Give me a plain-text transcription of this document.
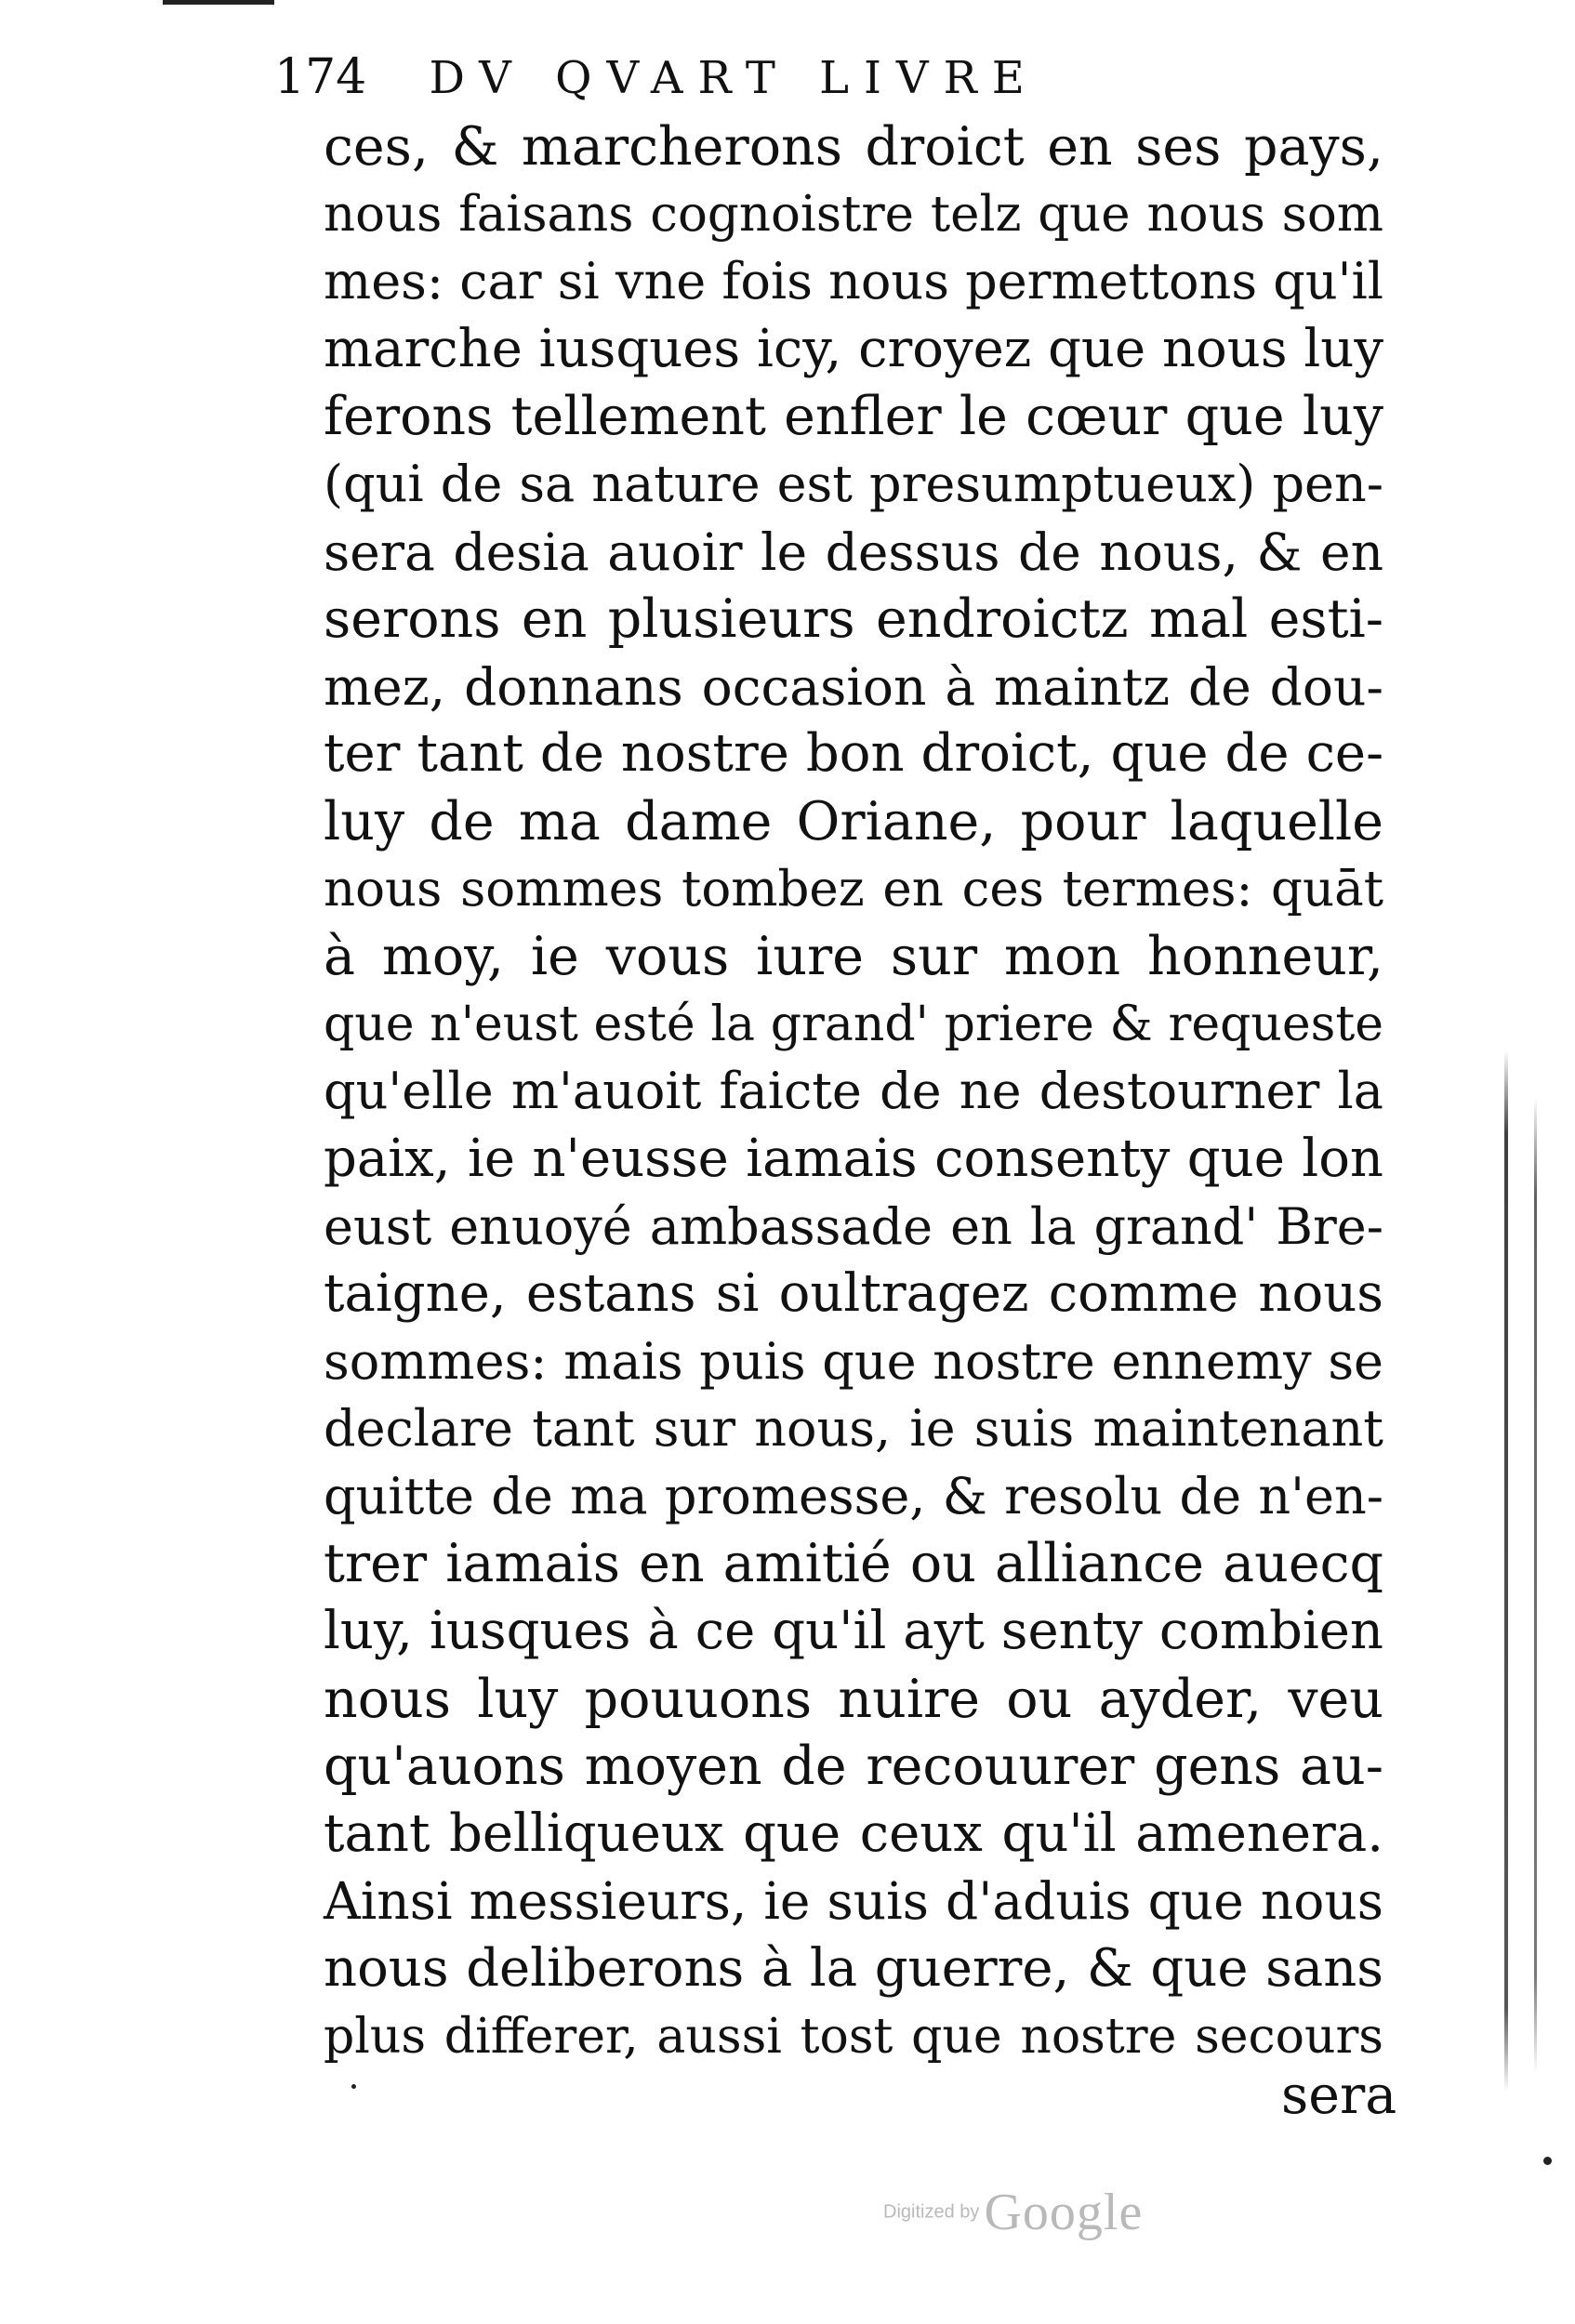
174 DV QVART LIVRE
ces, & marcherons droict en ses pays,
nous faisans cognoistre telz que nous som
mes: car si vne fois nous permettons qu'il
marche iusques icy, croyez que nous luy
ferons tellement enfler le cœur que luy
(qui de sa nature est presumptueux) pen-
sera desia auoir le dessus de nous, & en
serons en plusieurs endroictz mal esti-
mez, donnans occasion à maintz de dou-
ter tant de nostre bon droict, que de ce-
luy de ma dame Oriane, pour laquelle
nous sommes tombez en ces termes: quāt
à moy, ie vous iure sur mon honneur,
que n'eust esté la grand' priere & requeste
qu'elle m'auoit faicte de ne destourner la
paix, ie n'eusse iamais consenty que lon
eust enuoyé ambassade en la grand' Bre-
taigne, estans si oultragez comme nous
sommes: mais puis que nostre ennemy se
declare tant sur nous, ie suis maintenant
quitte de ma promesse, & resolu de n'en-
trer iamais en amitié ou alliance auecq
luy, iusques à ce qu'il ayt senty combien
nous luy pouuons nuire ou ayder, veu
qu'auons moyen de recouurer gens au-
tant belliqueux que ceux qu'il amenera.
Ainsi messieurs, ie suis d'aduis que nous
nous deliberons à la guerre, & que sans
plus differer, aussi tost que nostre secours
sera
Digitized by Google
